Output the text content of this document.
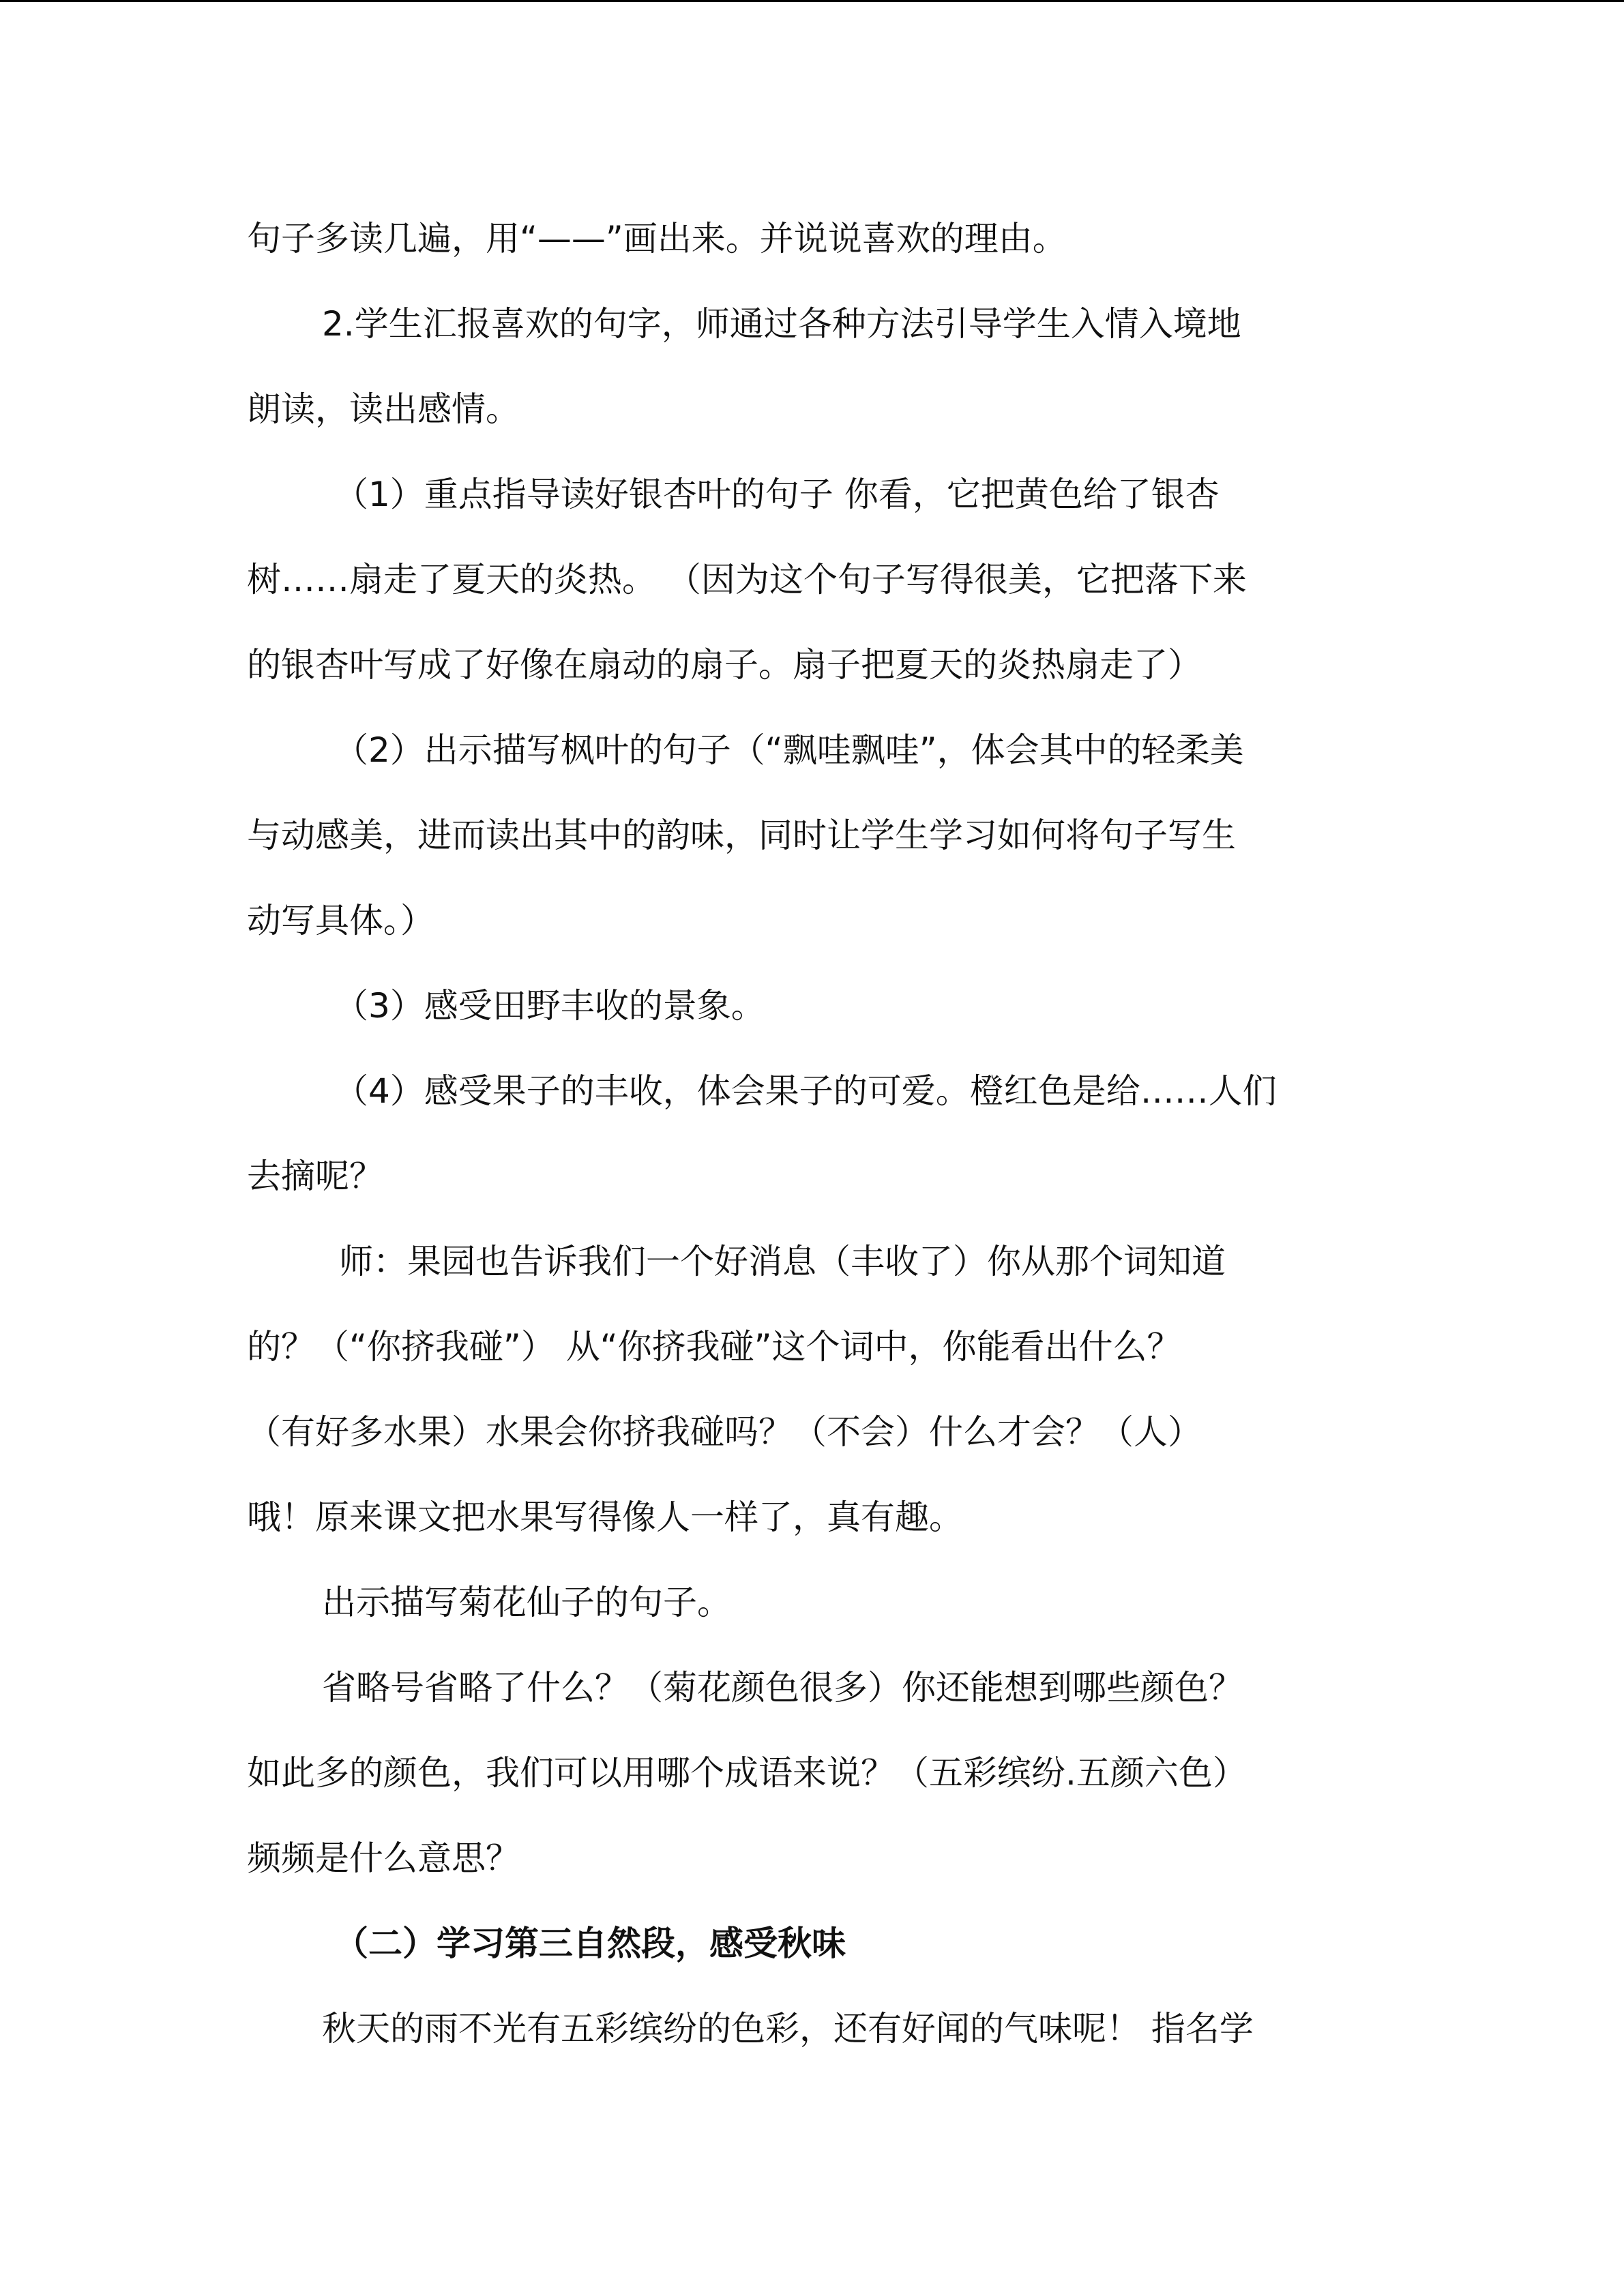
句子多读几遍，用“——”画出来。并说说喜欢的理由。
2.学生汇报喜欢的句字，师通过各种方法引导学生入情入境地
朗读，读出感情。
（1）重点指导读好银杏叶的句子 你看，它把黄色给了银杏
树……扇走了夏天的炎热。 （因为这个句子写得很美，它把落下来
的银杏叶写成了好像在扇动的扇子。扇子把夏天的炎热扇走了）
（2）出示描写枫叶的句子（“飘哇飘哇”，体会其中的轻柔美
与动感美，进而读出其中的韵味，同时让学生学习如何将句子写生
动写具体。）
（3）感受田野丰收的景象。
（4）感受果子的丰收，体会果子的可爱。橙红色是给……人们
去摘呢？
师：果园也告诉我们一个好消息（丰收了）你从那个词知道
的？（“你挤我碰”） 从“你挤我碰”这个词中，你能看出什么？
（有好多水果）水果会你挤我碰吗？（不会）什么才会？（人）
哦！原来课文把水果写得像人一样了，真有趣。
出示描写菊花仙子的句子。
省略号省略了什么？（菊花颜色很多）你还能想到哪些颜色？
如此多的颜色，我们可以用哪个成语来说？（五彩缤纷.五颜六色）
频频是什么意思？
（二）学习第三自然段，感受秋味
秋天的雨不光有五彩缤纷的色彩，还有好闻的气味呢！ 指名学
